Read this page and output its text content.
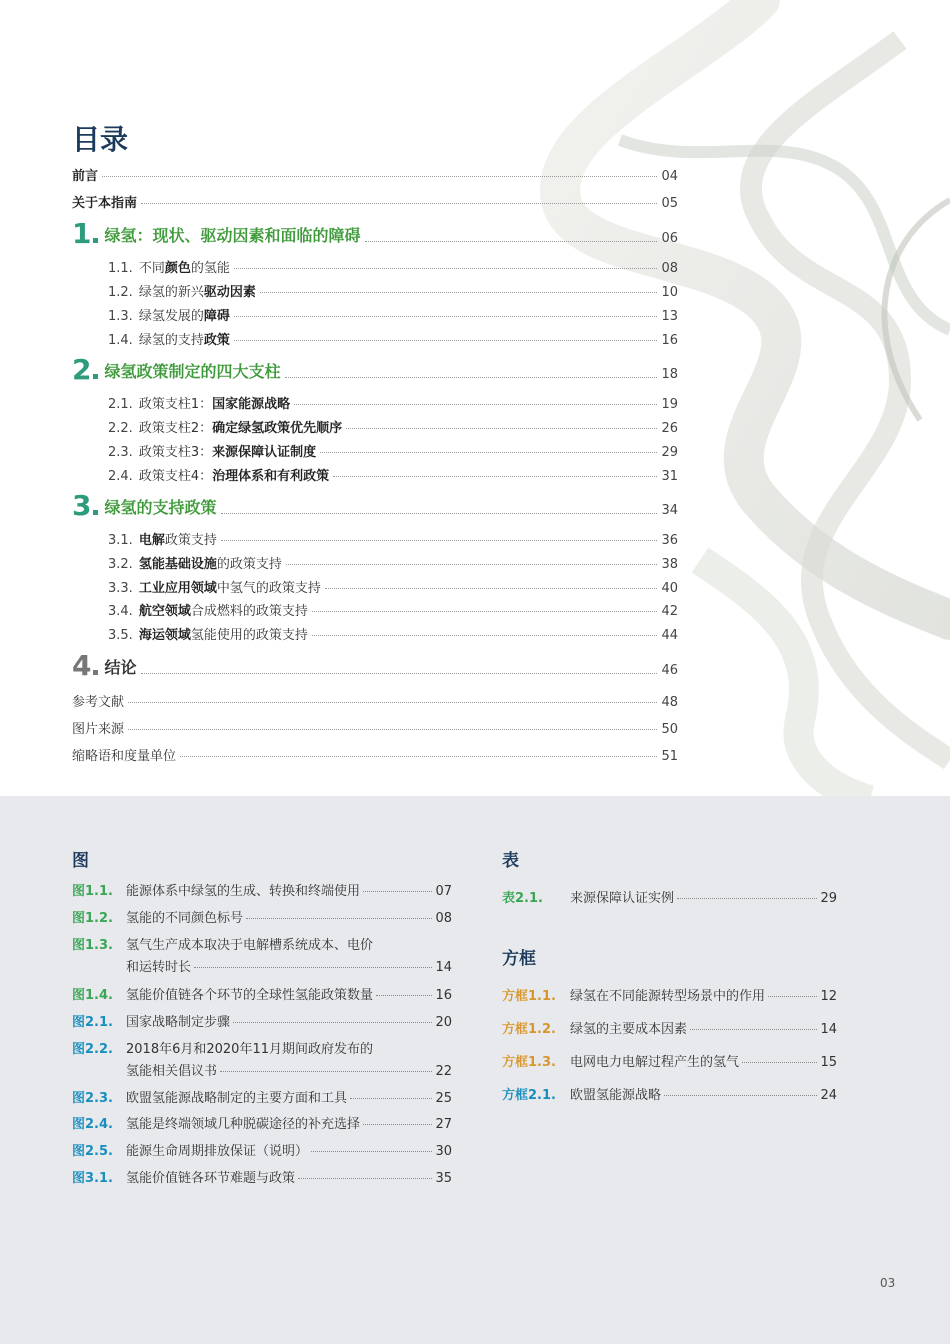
目录
前言	04
关于本指南	05
1 绿氢：现状、驱动因素和面临的障碍	06
1.1. 不同颜色的氢能	08
1.2. 绿氢的新兴驱动因素	10
1.3. 绿氢发展的障碍	13
1.4. 绿氢的支持政策	16
2 绿氢政策制定的四大支柱	18
2.1. 政策支柱1：国家能源战略	19
2.2. 政策支柱2：确定绿氢政策优先顺序	26
2.3. 政策支柱3：来源保障认证制度	29
2.4. 政策支柱4：治理体系和有利政策	31
3 绿氢的支持政策	34
3.1. 电解政策支持	36
3.2. 氢能基础设施的政策支持	38
3.3. 工业应用领域中氢气的政策支持	40
3.4. 航空领域合成燃料的政策支持	42
3.5. 海运领域氢能使用的政策支持	44
4 结论	46
参考文献	48
图片来源	50
缩略语和度量单位	51
图
图1.1.	能源体系中绿氢的生成、转换和终端使用	07
图1.2.	氢能的不同颜色标号	08
图1.3. 氢气生产成本取决于电解槽系统成本、电价
和运转时长	14
图1.4.	氢能价值链各个环节的全球性氢能政策数量	16
图2.1.	国家战略制定步骤	20
图2.2. 2018年6月和2020年11月期间政府发布的
氢能相关倡议书	22
图2.3.	欧盟氢能源战略制定的主要方面和工具	25
图2.4.	氢能是终端领域几种脱碳途径的补充选择	27
图2.5.	能源生命周期排放保证（说明）	30
图3.1.	氢能价值链各环节难题与政策	35
表
表2.1.	来源保障认证实例	29
方框
方框1.1.	绿氢在不同能源转型场景中的作用	12
方框1.2.	绿氢的主要成本因素	14
方框1.3.	电网电力电解过程产生的氢气	15
方框2.1.	欧盟氢能源战略	24
03
